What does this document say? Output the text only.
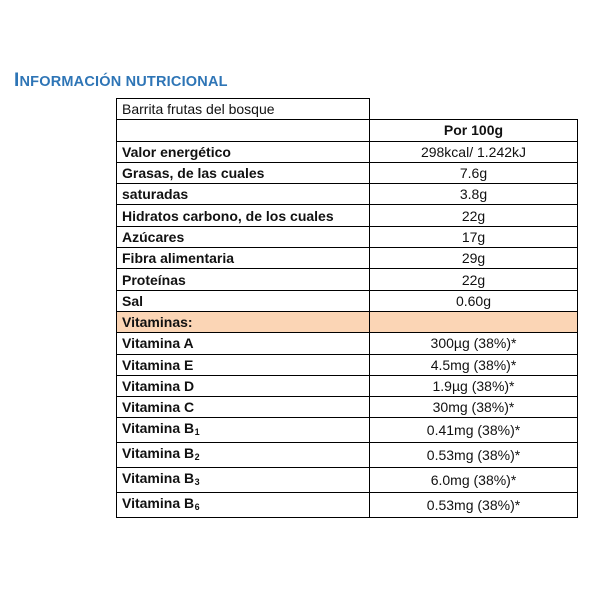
INFORMACIÓN NUTRICIONAL
Barrita frutas del bosque	
	Por 100g
Valor energético	298kcal/ 1.242kJ
Grasas, de las cuales	7.6g
saturadas	3.8g
Hidratos carbono, de los cuales	22g
Azúcares	17g
Fibra alimentaria	29g
Proteínas	22g
Sal	0.60g
Vitaminas:	
Vitamina A	300µg (38%)*
Vitamina E	4.5mg (38%)*
Vitamina D	1.9µg (38%)*
Vitamina C	30mg (38%)*
Vitamina $B_1$	0.41mg (38%)*
Vitamina $B_2$	0.53mg (38%)*
Vitamina $B_3$	6.0mg (38%)*
Vitamina $B_6$	0.53mg (38%)*
